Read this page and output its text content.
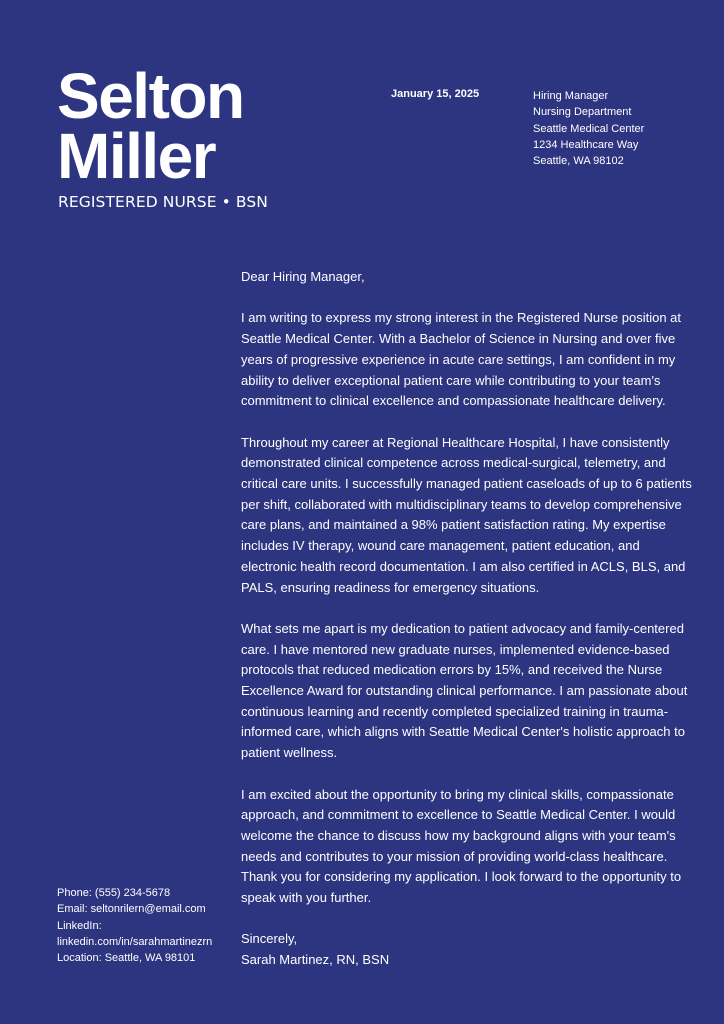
Selton
Miller
REGISTERED NURSE • BSN
January 15, 2025	Hiring Manager
Nursing Department
Seattle Medical Center
1234 Healthcare Way
Seattle, WA 98102

Dear Hiring Manager,

I am writing to express my strong interest in the Registered Nurse position at Seattle Medical Center. With a Bachelor of Science in Nursing and over five years of progressive experience in acute care settings, I am confident in my ability to deliver exceptional patient care while contributing to your team's commitment to clinical excellence and compassionate healthcare delivery.

Throughout my career at Regional Healthcare Hospital, I have consistently demonstrated clinical competence across medical-surgical, telemetry, and critical care units. I successfully managed patient caseloads of up to 6 patients per shift, collaborated with multidisciplinary teams to develop comprehensive care plans, and maintained a 98% patient satisfaction rating. My expertise includes IV therapy, wound care management, patient education, and electronic health record documentation. I am also certified in ACLS, BLS, and PALS, ensuring readiness for emergency situations.

What sets me apart is my dedication to patient advocacy and family-centered care. I have mentored new graduate nurses, implemented evidence-based protocols that reduced medication errors by 15%, and received the Nurse Excellence Award for outstanding clinical performance. I am passionate about continuous learning and recently completed specialized training in trauma-informed care, which aligns with Seattle Medical Center's holistic approach to patient wellness.

I am excited about the opportunity to bring my clinical skills, compassionate approach, and commitment to excellence to Seattle Medical Center. I would welcome the chance to discuss how my background aligns with your team's needs and contributes to your mission of providing world-class healthcare. Thank you for considering my application. I look forward to the opportunity to speak with you further.

Sincerely,

Sarah Martinez, RN, BSN

Phone: (555) 234-5678
Email: seltonrilern@email.com
LinkedIn:
linkedin.com/in/sarahmartinezrn
Location: Seattle, WA 98101
